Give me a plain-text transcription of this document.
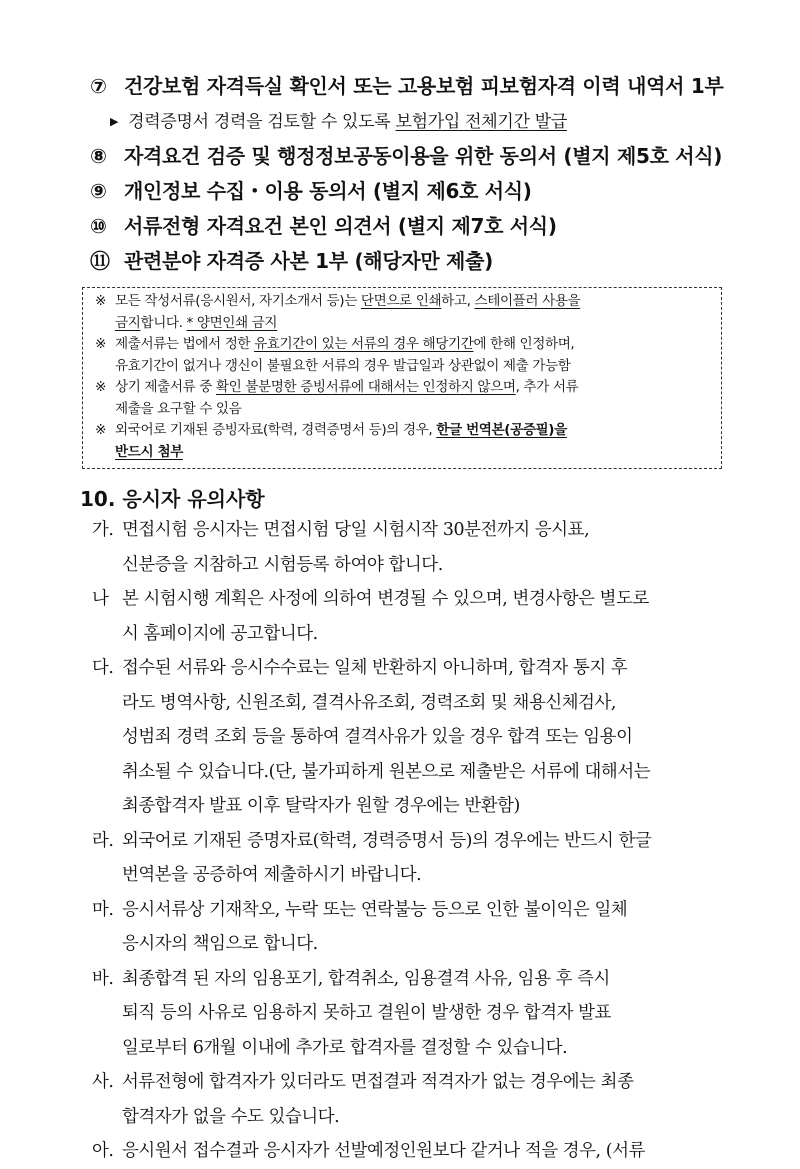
⑦ 건강보험 자격득실 확인서 또는 고용보험 피보험자격 이력 내역서 1부
▶ 경력증명서 경력을 검토할 수 있도록 보험가입 전체기간 발급
⑧ 자격요건 검증 및 행정정보공동이용을 위한 동의서 (별지 제5호 서식)
⑨ 개인정보 수집・이용 동의서 (별지 제6호 서식)
⑩ 서류전형 자격요건 본인 의견서 (별지 제7호 서식)
⑪ 관련분야 자격증 사본 1부 (해당자만 제출)
※ 모든 작성서류(응시원서, 자기소개서 등)는 단면으로 인쇄하고, 스테이플러 사용을
금지합니다. * 양면인쇄 금지
※ 제출서류는 법에서 정한 유효기간이 있는 서류의 경우 해당기간에 한해 인정하며,
유효기간이 없거나 갱신이 불필요한 서류의 경우 발급일과 상관없이 제출 가능함
※ 상기 제출서류 중 확인 불분명한 증빙서류에 대해서는 인정하지 않으며, 추가 서류
제출을 요구할 수 있음
※ 외국어로 기재된 증빙자료(학력, 경력증명서 등)의 경우, 한글 번역본(공증필)을
반드시 첨부
10. 응시자 유의사항
가. 면접시험 응시자는 면접시험 당일 시험시작 30분전까지 응시표,
신분증을 지참하고 시험등록 하여야 합니다.
나 본 시험시행 계획은 사정에 의하여 변경될 수 있으며, 변경사항은 별도로
시 홈페이지에 공고합니다.
다. 접수된 서류와 응시수수료는 일체 반환하지 아니하며, 합격자 통지 후
라도 병역사항, 신원조회, 결격사유조회, 경력조회 및 채용신체검사,
성범죄 경력 조회 등을 통하여 결격사유가 있을 경우 합격 또는 임용이
취소될 수 있습니다.(단, 불가피하게 원본으로 제출받은 서류에 대해서는
최종합격자 발표 이후 탈락자가 원할 경우에는 반환함)
라. 외국어로 기재된 증명자료(학력, 경력증명서 등)의 경우에는 반드시 한글
번역본을 공증하여 제출하시기 바랍니다.
마. 응시서류상 기재착오, 누락 또는 연락불능 등으로 인한 불이익은 일체
응시자의 책임으로 합니다.
바. 최종합격 된 자의 임용포기, 합격취소, 임용결격 사유, 임용 후 즉시
퇴직 등의 사유로 임용하지 못하고 결원이 발생한 경우 합격자 발표
일로부터 6개월 이내에 추가로 합격자를 결정할 수 있습니다.
사. 서류전형에 합격자가 있더라도 면접결과 적격자가 없는 경우에는 최종
합격자가 없을 수도 있습니다.
아. 응시원서 접수결과 응시자가 선발예정인원보다 같거나 적을 경우, (서류
